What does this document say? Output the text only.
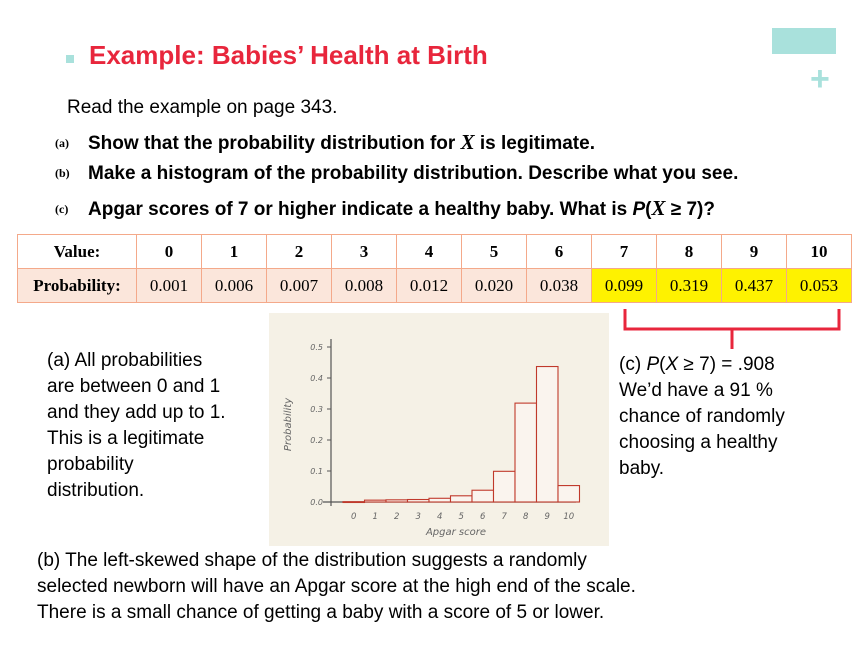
+
Example: Babies’ Health at Birth
Read the example on page 343.
(a) Show that the probability distribution for X is legitimate.
(b) Make a histogram of the probability distribution. Describe what you see.
(c) Apgar scores of 7 or higher indicate a healthy baby. What is P(X ≥ 7)?
Value:	0	1	2	3	4	5	6	7	8	9	10
Probability:	0.001	0.006	0.007	0.008	0.012	0.020	0.038	0.099	0.319	0.437	0.053
(a) All probabilities
are between 0 and 1
and they add up to 1.
This is a legitimate
probability
distribution.
(c) P(X ≥ 7) = .908
We’d have a 91 %
chance of randomly
choosing a healthy
baby.
0.0
0.1
0.2
0.3
0.4
0.5
0 1 2 3 4 5 6 7 8 9 10
Apgar score
Probability
(b) The left-skewed shape of the distribution suggests a randomly
selected newborn will have an Apgar score at the high end of the scale.
There is a small chance of getting a baby with a score of 5 or lower.
